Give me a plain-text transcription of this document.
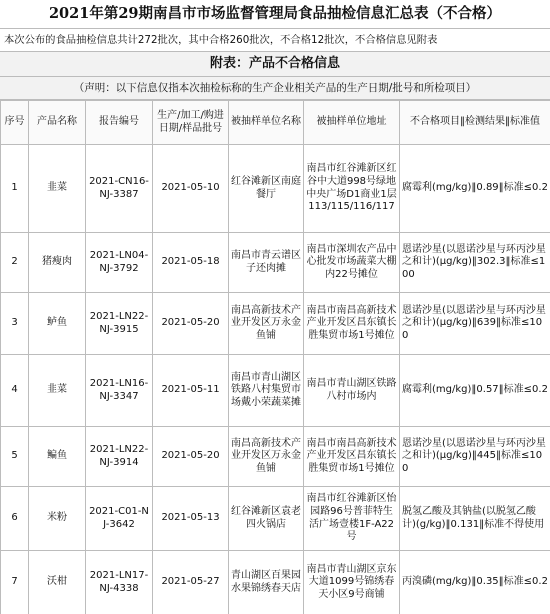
2021年第29期南昌市市场监督管理局食品抽检信息汇总表（不合格）
本次公布的食品抽检信息共计272批次，其中合格260批次，不合格12批次，不合格信息见附表
附表：产品不合格信息
（声明：以下信息仅指本次抽检标称的生产企业相关产品的生产日期/批号和所检项目）
序号	产品名称	报告编号	生产/加工/购进日期/样品批号	被抽样单位名称	被抽样单位地址	不合格项目‖检测结果‖标准值
1	韭菜	2021-CN16-NJ-3387	2021-05-10	红谷滩新区南庭餐厅	南昌市红谷滩新区红谷中大道998号绿地中央广场D1商业1层113/115/116/117	腐霉利(mg/kg)‖0.89‖标准≤0.2
2	猪瘦肉	2021-LN04-NJ-3792	2021-05-18	南昌市青云谱区子还肉摊	南昌市深圳农产品中心批发市场蔬菜大棚内22号摊位	恩诺沙星(以恩诺沙星与环丙沙星之和计)(μg/kg)‖302.3‖标准≤100
3	鲈鱼	2021-LN22-NJ-3915	2021-05-20	南昌高新技术产业开发区万永金鱼铺	南昌市南昌高新技术产业开发区昌东镇长胜集贸市场1号摊位	恩诺沙星(以恩诺沙星与环丙沙星之和计)(μg/kg)‖639‖标准≤100
4	韭菜	2021-LN16-NJ-3347	2021-05-11	南昌市青山湖区铁路八村集贸市场戴小荣蔬菜摊	南昌市青山湖区铁路八村市场内	腐霉利(mg/kg)‖0.57‖标准≤0.2
5	鳊鱼	2021-LN22-NJ-3914	2021-05-20	南昌高新技术产业开发区万永金鱼铺	南昌市南昌高新技术产业开发区昌东镇长胜集贸市场1号摊位	恩诺沙星(以恩诺沙星与环丙沙星之和计)(μg/kg)‖445‖标准≤100
6	米粉	2021-C01-NJ-3642	2021-05-13	红谷滩新区袁老四火锅店	南昌市红谷滩新区怡园路96号普菲特生活广场壹楼1F-A22号	脱氢乙酸及其钠盐(以脱氢乙酸计)(g/kg)‖0.131‖标准不得使用
7	沃柑	2021-LN17-NJ-4338	2021-05-27	青山湖区百果园水果锦绣春天店	南昌市青山湖区京东大道1099号锦绣春天小区9号商铺	丙溴磷(mg/kg)‖0.35‖标准≤0.2
